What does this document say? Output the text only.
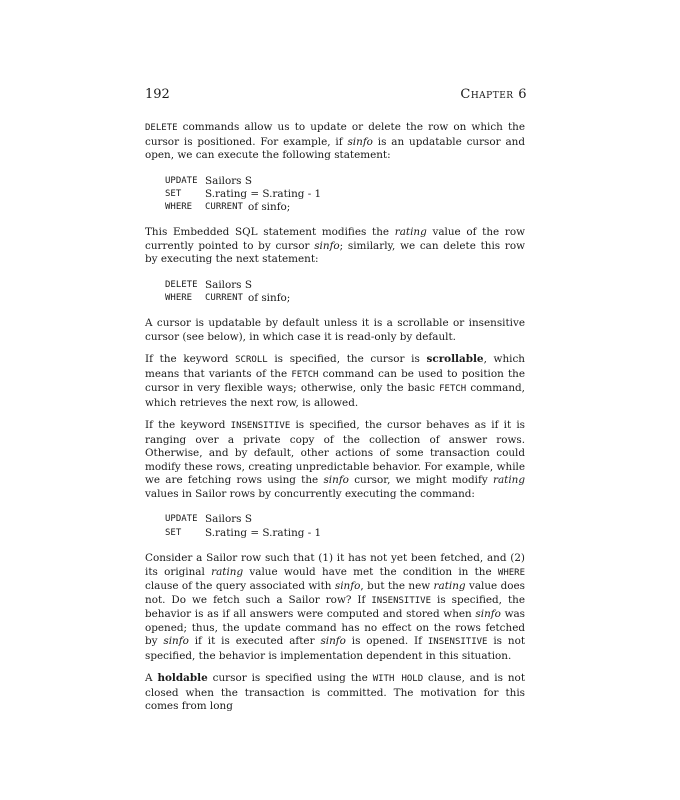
192	Chapter 6

DELETE commands allow us to update or delete the row on which the cursor is positioned. For example, if sinfo is an updatable cursor and open, we can execute the following statement:

UPDATE Sailors S
SET	S.rating = S.rating - 1
WHERE	CURRENT of sinfo;

This Embedded SQL statement modifies the rating value of the row currently pointed to by cursor sinfo; similarly, we can delete this row by executing the next statement:

DELETE Sailors S
WHERE	CURRENT of sinfo;

A cursor is updatable by default unless it is a scrollable or insensitive cursor (see below), in which case it is read-only by default.

If the keyword SCROLL is specified, the cursor is scrollable, which means that variants of the FETCH command can be used to position the cursor in very flexible ways; otherwise, only the basic FETCH command, which retrieves the next row, is allowed.

If the keyword INSENSITIVE is specified, the cursor behaves as if it is ranging over a private copy of the collection of answer rows. Otherwise, and by default, other actions of some transaction could modify these rows, creating unpredictable behavior. For example, while we are fetching rows using the sinfo cursor, we might modify rating values in Sailor rows by concurrently executing the command:

UPDATE Sailors S
SET	S.rating = S.rating - 1

Consider a Sailor row such that (1) it has not yet been fetched, and (2) its original rating value would have met the condition in the WHERE clause of the query associated with sinfo, but the new rating value does not. Do we fetch such a Sailor row? If INSENSITIVE is specified, the behavior is as if all answers were computed and stored when sinfo was opened; thus, the update command has no effect on the rows fetched by sinfo if it is executed after sinfo is opened. If INSENSITIVE is not specified, the behavior is implementation dependent in this situation.

A holdable cursor is specified using the WITH HOLD clause, and is not closed when the transaction is committed. The motivation for this comes from long
